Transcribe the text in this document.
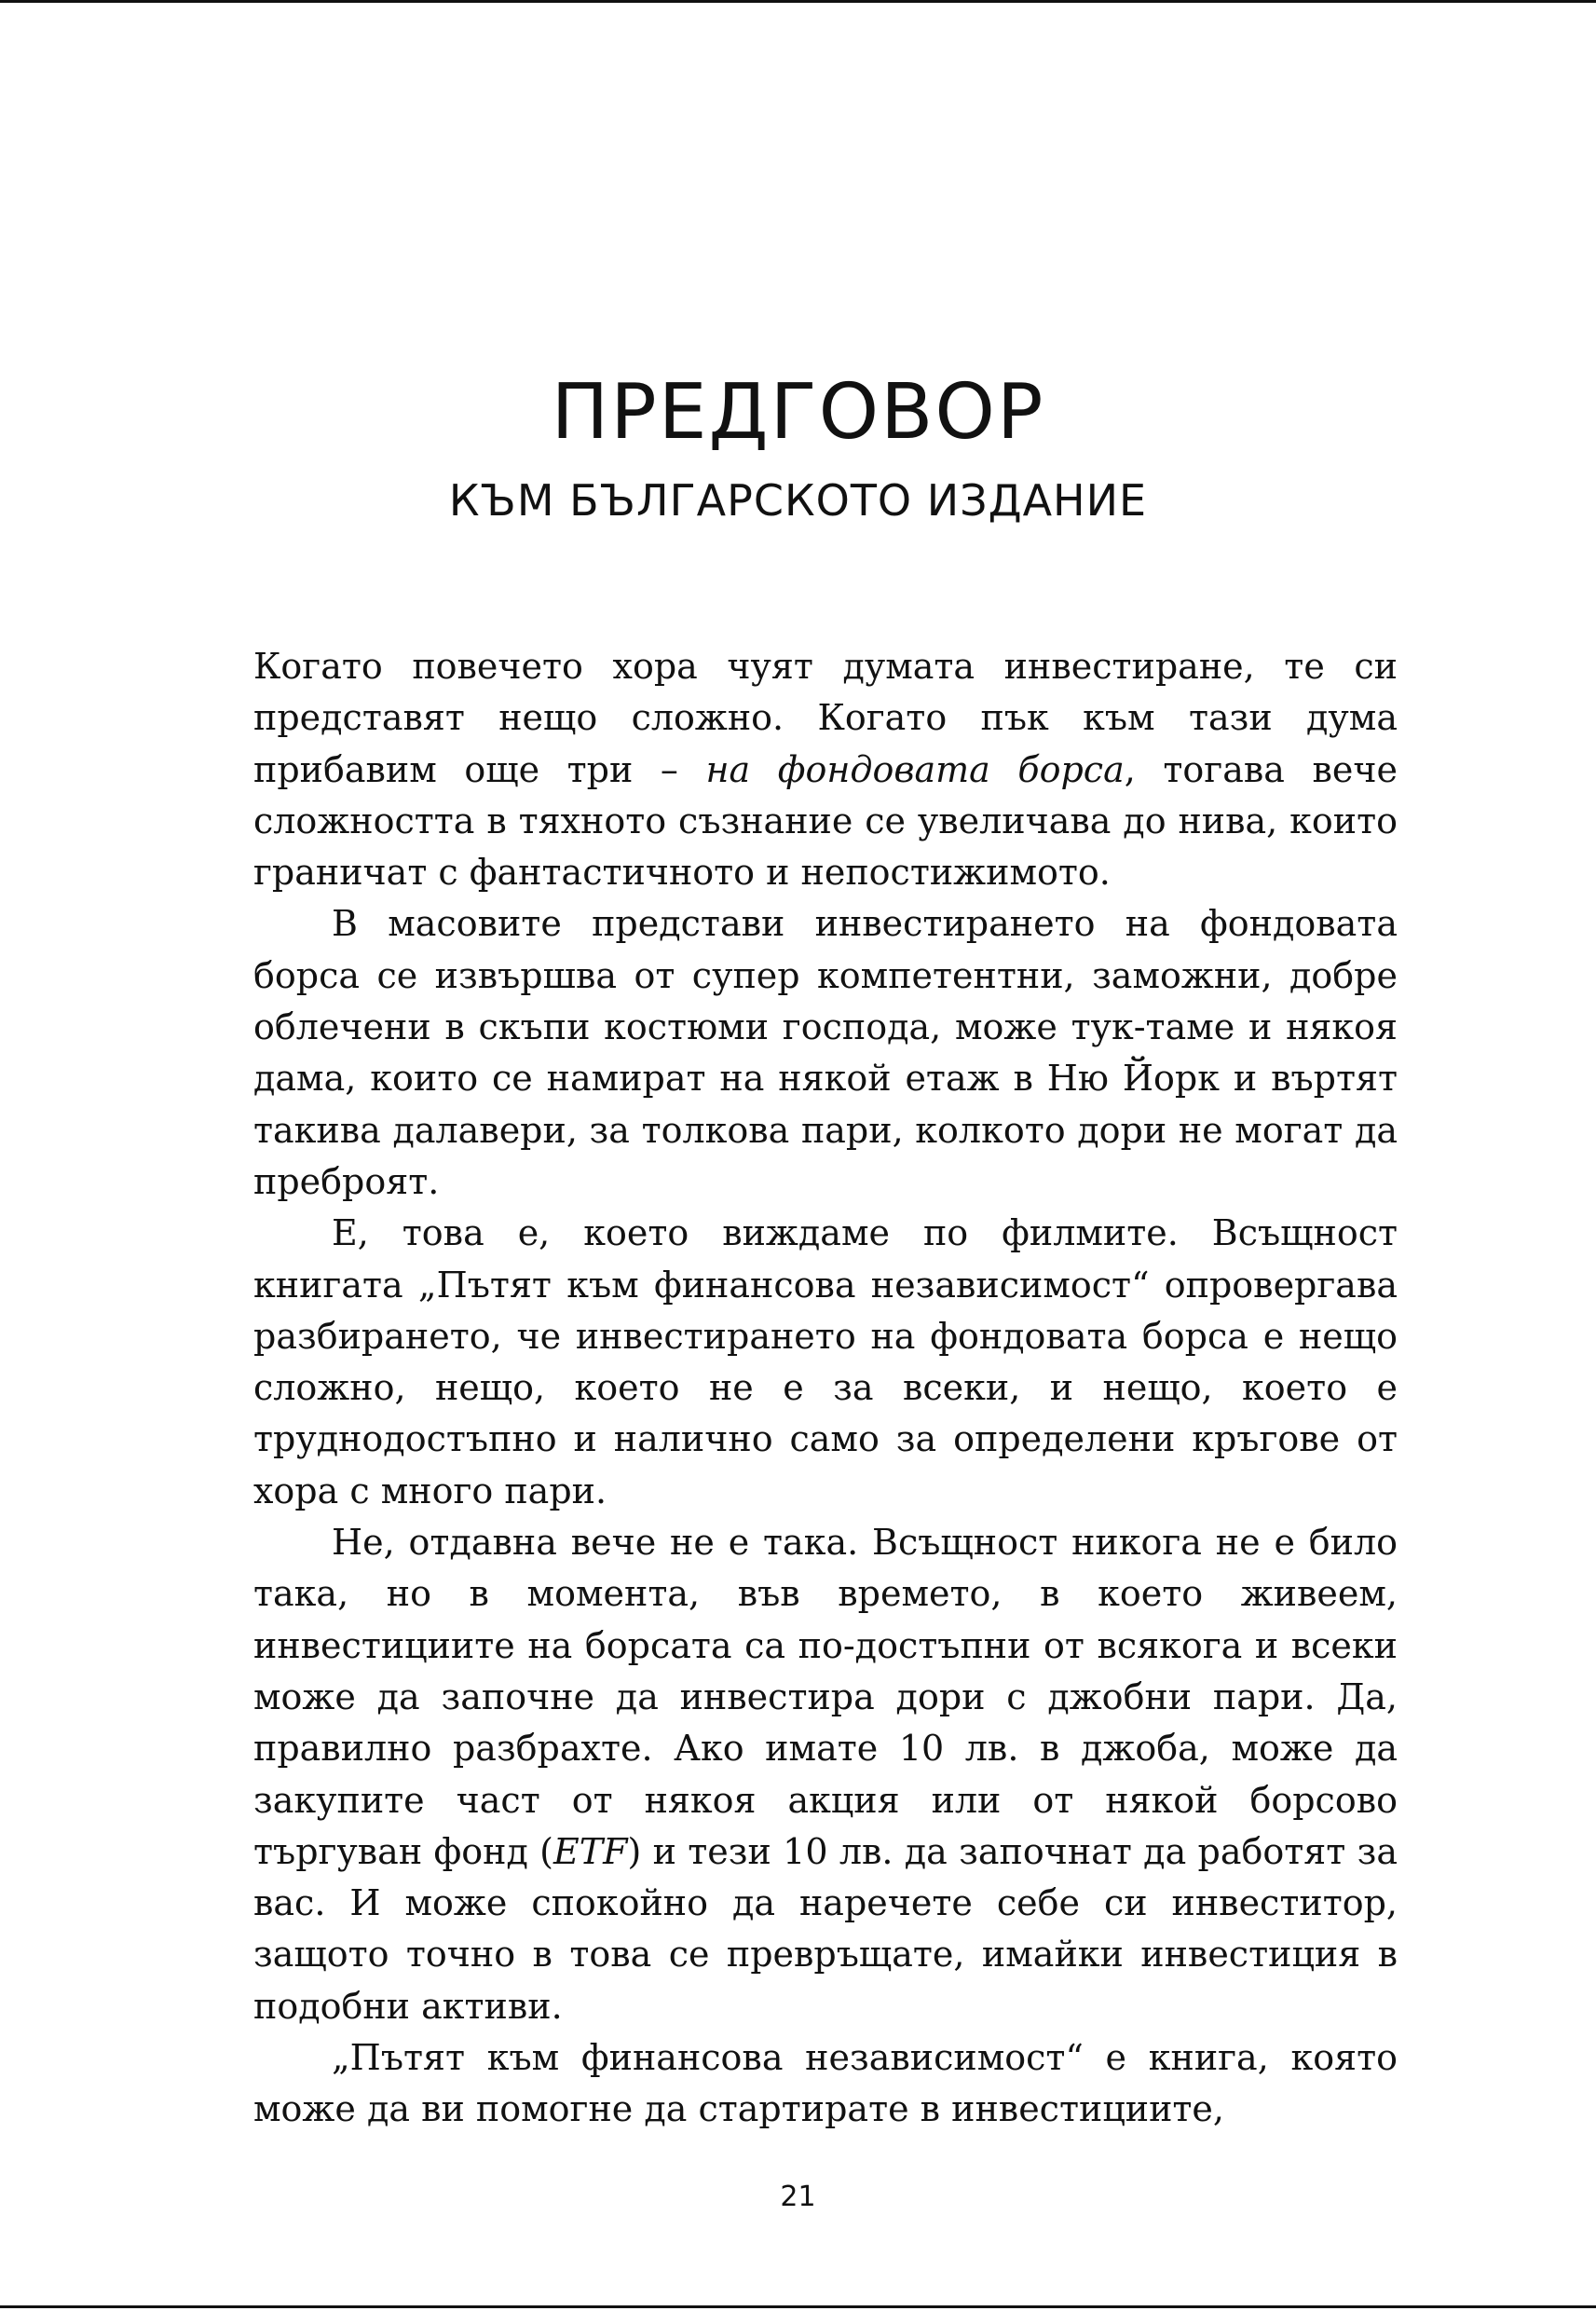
ПРЕДГОВОР
КЪМ БЪЛГАРСКОТО ИЗДАНИЕ

Когато повечето хора чуят думата инвестиране, те си представят нещо сложно. Когато пък към тази дума прибавим още три – на фондовата борса, тогава вече сложността в тяхното съзнание се увеличава до нива, които граничат с фантастичното и непостижимото.

В масовите представи инвестирането на фондовата борса се извършва от супер компетентни, заможни, добре облечени в скъпи костюми господа, може тук-таме и някоя дама, които се намират на някой етаж в Ню Йорк и въртят такива далавери, за толкова пари, колкото дори не могат да преброят.

Е, това е, което виждаме по филмите. Всъщност книгата „Пътят към финансова независимост“ опровергава разбирането, че инвестирането на фондовата борса е нещо сложно, нещо, което не е за всеки, и нещо, което е труднодостъпно и налично само за определени кръгове от хора с много пари.

Не, отдавна вече не е така. Всъщност никога не е било така, но в момента, във времето, в което живеем, инвестициите на борсата са по-достъпни от всякога и всеки може да започне да инвестира дори с джобни пари. Да, правилно разбрахте. Ако имате 10 лв. в джоба, може да закупите част от някоя акция или от някой борсово търгуван фонд (ETF) и тези 10 лв. да започнат да работят за вас. И може спокойно да наречете себе си инвеститор, защото точно в това се превръщате, имайки инвестиция в подобни активи.

„Пътят към финансова независимост“ е книга, която може да ви помогне да стартирате в инвестициите,

21
